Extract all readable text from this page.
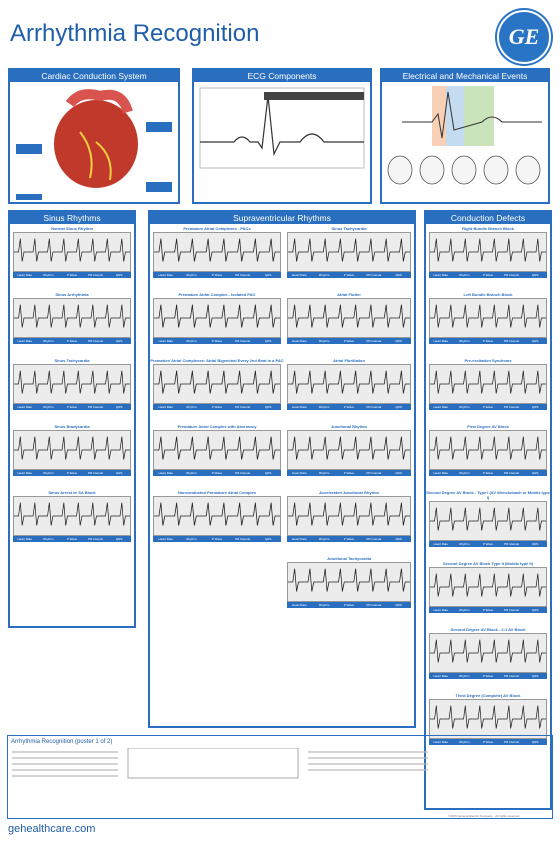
Arrhythmia Recognition	GE
Cardiac Conduction System	ECG Components	Electrical and Mechanical Events
Sinus Rhythms
Normal Sinus Rhythm
Heart Rate	Rhythm	P Wave	PR Interval	QRS
Sinus Arrhythmia
Heart Rate	Rhythm	P Wave	PR Interval	QRS
Sinus Tachycardia
Heart Rate	Rhythm	P Wave	PR Interval	QRS
Sinus Bradycardia
Heart Rate	Rhythm	P Wave	PR Interval	QRS
Sinus Arrest or SA Block
Heart Rate	Rhythm	P Wave	PR Interval	QRS
Supraventricular Rhythms
Premature Atrial Complexes - PACs
Heart Rate	Rhythm	P Wave	PR Interval	QRS
Premature Atrial Complex - Isolated PAC
Heart Rate	Rhythm	P Wave	PR Interval	QRS
Premature Atrial Complexes: Atrial Bigeminal Every 2nd Beat is a PAC
Heart Rate	Rhythm	P Wave	PR Interval	QRS
Premature Atrial Complex with Aberrancy
Heart Rate	Rhythm	P Wave	PR Interval	QRS
Nonconducted Premature Atrial Complex
Heart Rate	Rhythm	P Wave	PR Interval	QRS
Sinus Tachycardia
Heart Rate	Rhythm	P Wave	PR Interval	QRS
Atrial Flutter
Heart Rate	Rhythm	P Wave	PR Interval	QRS
Atrial Fibrillation
Heart Rate	Rhythm	P Wave	PR Interval	QRS
Junctional Rhythm
Heart Rate	Rhythm	P Wave	PR Interval	QRS
Accelerated Junctional Rhythm
Heart Rate	Rhythm	P Wave	PR Interval	QRS
Junctional Tachycardia
Heart Rate	Rhythm	P Wave	PR Interval	QRS
Conduction Defects
Right Bundle Branch Block
Heart Rate	Rhythm	P Wave	PR Interval	QRS
Left Bundle Branch Block
Heart Rate	Rhythm	P Wave	PR Interval	QRS
Pre-excitation Syndrome
Heart Rate	Rhythm	P Wave	PR Interval	QRS
First Degree AV Block
Heart Rate	Rhythm	P Wave	PR Interval	QRS
Second Degree AV Block - Type I (AV Wenckebach or Mobitz type I)
Heart Rate	Rhythm	P Wave	PR Interval	QRS
Second Degree AV Block Type II (Mobitz type II)
Heart Rate	Rhythm	P Wave	PR Interval	QRS
Second Degree AV Block - 2:1 AV Block
Heart Rate	Rhythm	P Wave	PR Interval	QRS
Third Degree (Complete) AV Block
Heart Rate	Rhythm	P Wave	PR Interval	QRS
Arrhythmia Recognition (poster 1 of 2)
gehealthcare.com
©2015 General Electric Company - All rights reserved.
